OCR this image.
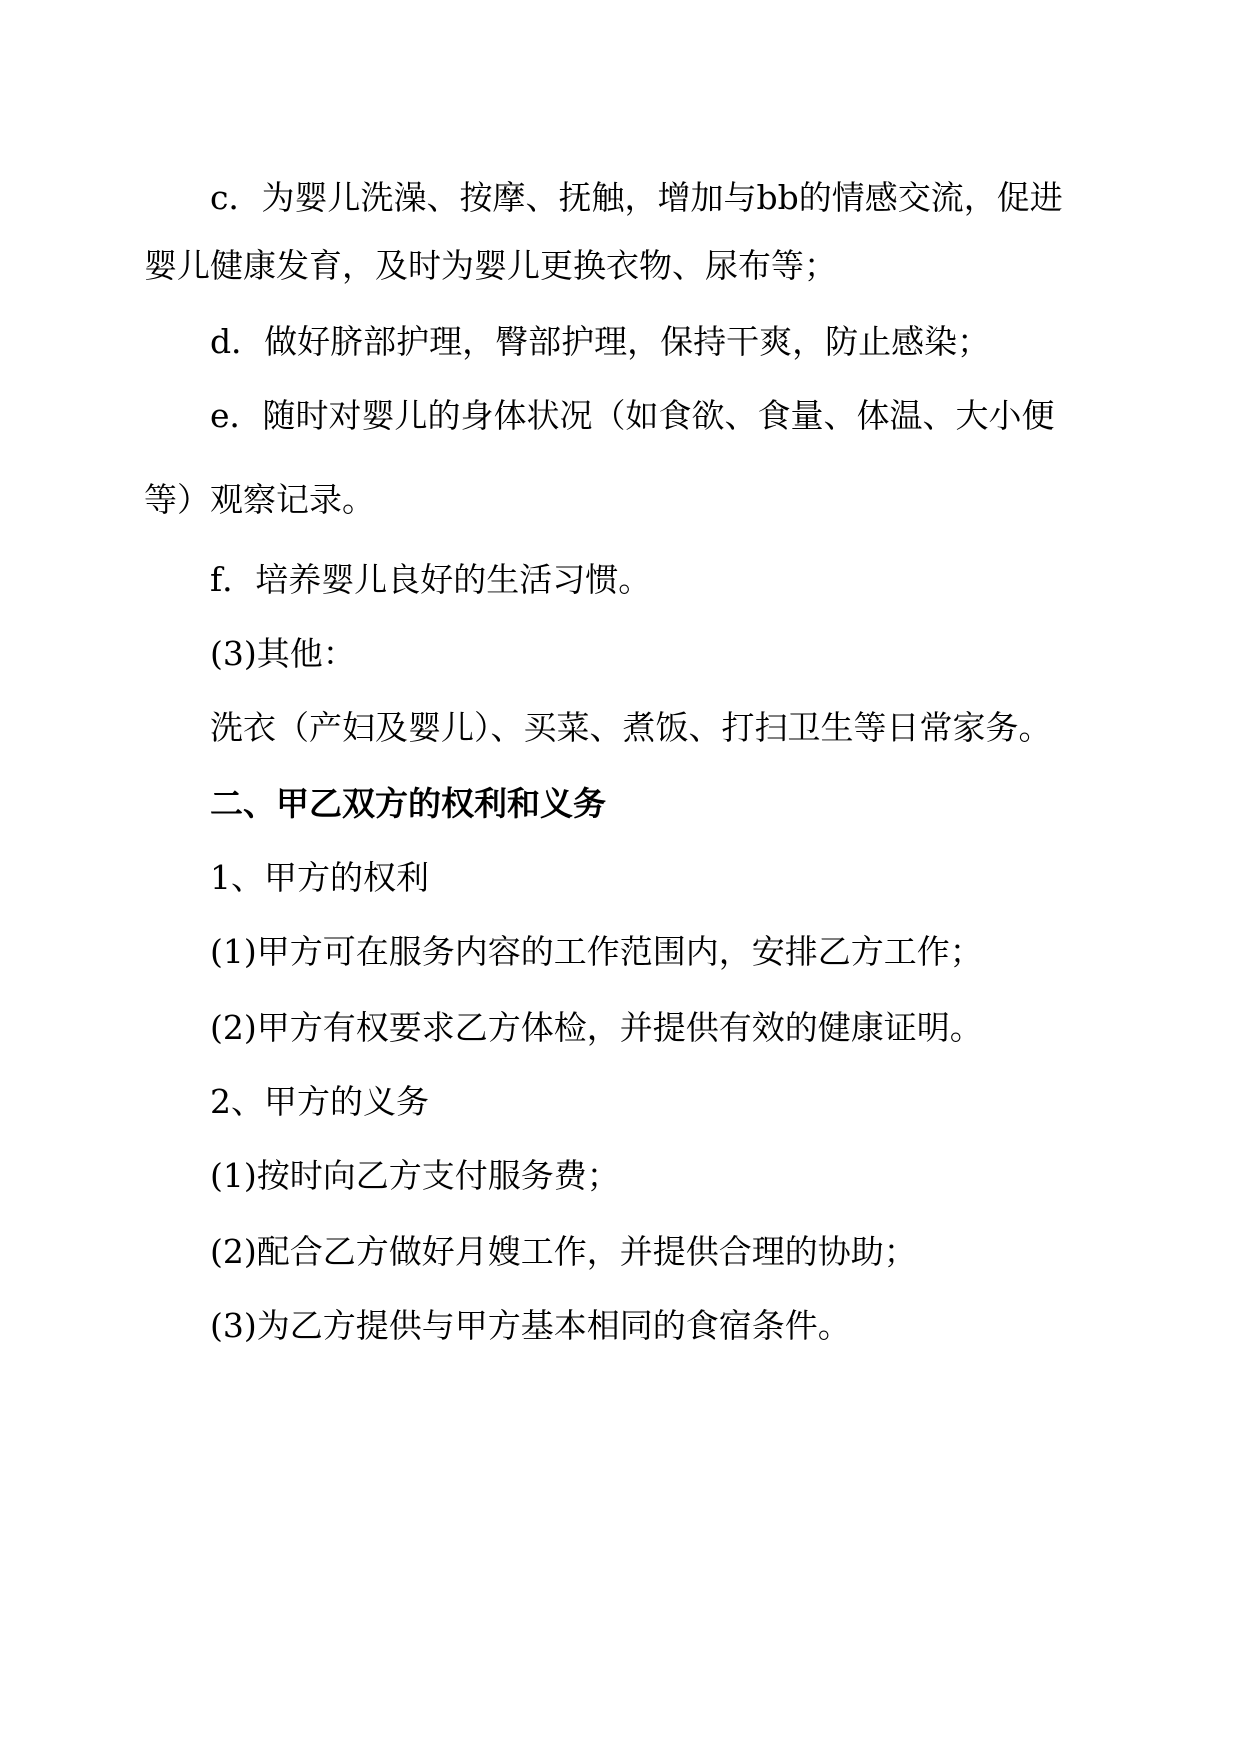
c．为婴儿洗澡、按摩、抚触，增加与bb的情感交流，促进
婴儿健康发育，及时为婴儿更换衣物、尿布等；
d．做好脐部护理，臀部护理，保持干爽，防止感染；
e．随时对婴儿的身体状况（如食欲、食量、体温、大小便
等）观察记录。
f．培养婴儿良好的生活习惯。
(3)其他：
洗衣（产妇及婴儿）、买菜、煮饭、打扫卫生等日常家务。
二、甲乙双方的权利和义务
1、甲方的权利
(1)甲方可在服务内容的工作范围内，安排乙方工作；
(2)甲方有权要求乙方体检，并提供有效的健康证明。
2、甲方的义务
(1)按时向乙方支付服务费；
(2)配合乙方做好月嫂工作，并提供合理的协助；
(3)为乙方提供与甲方基本相同的食宿条件。
